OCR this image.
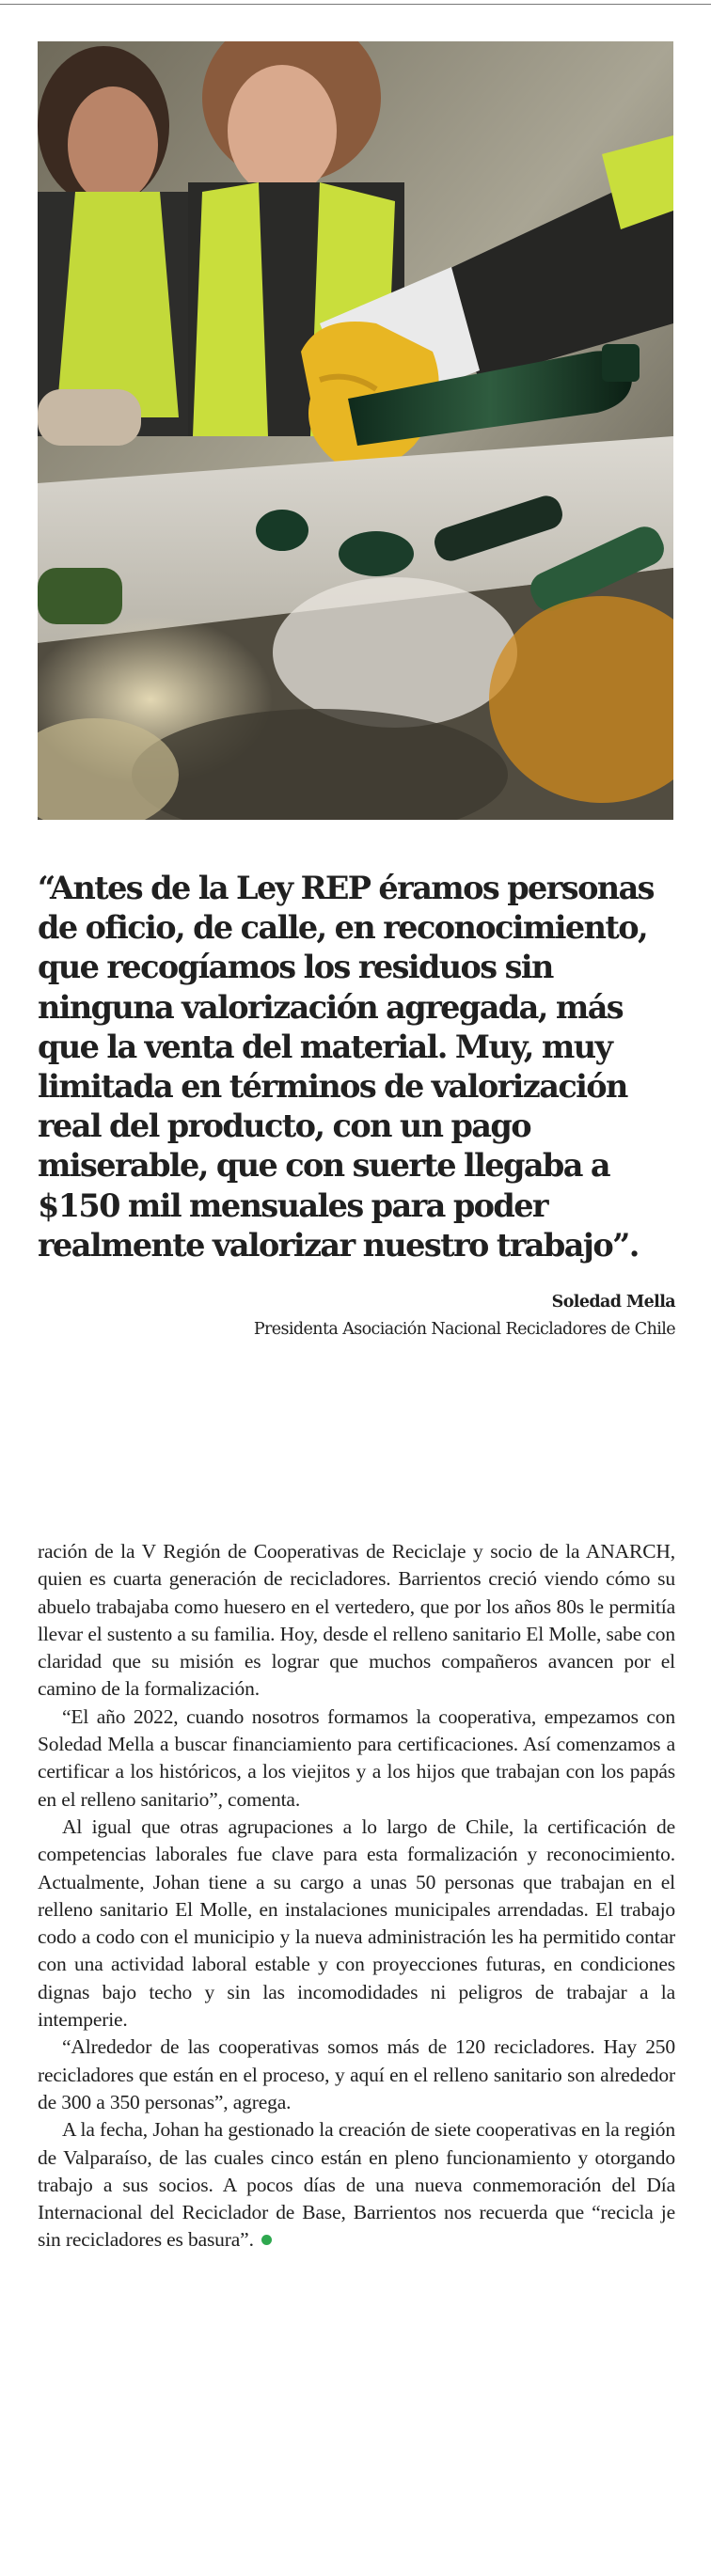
“Antes de la Ley REP éramos personas
de oficio, de calle, en reconocimiento,
que recogíamos los residuos sin
ninguna valorización agregada, más
que la venta del material. Muy, muy
limitada en términos de valorización
real del producto, con un pago
miserable, que con suerte llegaba a
$150 mil mensuales para poder
realmente valorizar nuestro trabajo”.

Soledad Mella

Presidenta Asociación Nacional Recicladores de Chile

ración de la V Región de Cooperativas de Reciclaje y socio de la ANARCH, quien es cuarta generación de recicladores. Barrientos creció viendo cómo su abuelo trabajaba como huesero en el vertedero, que por los años 80s le permitía llevar el sustento a su familia. Hoy, desde el relleno sanitario El Molle, sabe con claridad que su misión es lograr que muchos compañeros avancen por el camino de la formalización.

“El año 2022, cuando nosotros formamos la cooperativa, empezamos con Soledad Mella a buscar financiamiento para certificaciones. Así comenzamos a certificar a los históricos, a los viejitos y a los hijos que trabajan con los papás en el relleno sanitario”, comenta.

Al igual que otras agrupaciones a lo largo de Chile, la certificación de competencias laborales fue clave para esta formalización y reconocimiento. Actualmente, Johan tiene a su cargo a unas 50 personas que trabajan en el relleno sanitario El Molle, en instalaciones municipales arrendadas. El trabajo codo a codo con el municipio y la nueva administración les ha permitido contar con una actividad laboral estable y con proyecciones futuras, en condiciones dignas bajo techo y sin las incomodidades ni peligros de trabajar a la intemperie.

“Alrededor de las cooperativas somos más de 120 recicladores. Hay 250 recicladores que están en el proceso, y aquí en el relleno sanitario son alrededor de 300 a 350 personas”, agrega.

A la fecha, Johan ha gestionado la creación de siete cooperativas en la región de Valparaíso, de las cuales cinco están en pleno funcionamiento y otorgando trabajo a sus socios. A pocos días de una nueva conmemoración del Día Internacional del Reciclador de Base, Barrientos nos recuerda que “recicla je sin recicladores es basura”.
